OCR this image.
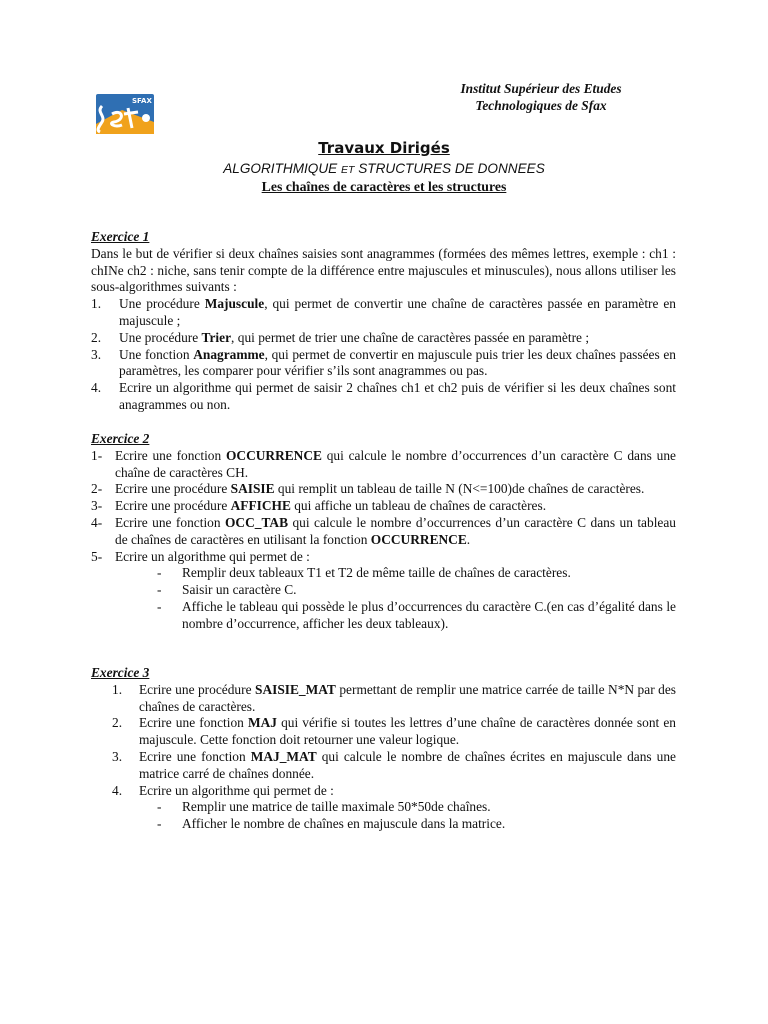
SFAX
Institut Supérieur des Etudes
Technologiques de Sfax
Travaux Dirigés
ALGORITHMIQUE ET STRUCTURES DE DONNEES
Les chaînes de caractères et les structures
Exercice 1

Dans le but de vérifier si deux chaînes saisies sont anagrammes (formées des mêmes lettres, exemple : ch1 : chINe ch2 : niche, sans tenir compte de la différence entre majuscules et minuscules), nous allons utiliser les sous-algorithmes suivants :

1. Une procédure Majuscule, qui permet de convertir une chaîne de caractères passée en paramètre en majuscule ;
2. Une procédure Trier, qui permet de trier une chaîne de caractères passée en paramètre ;
3. Une fonction Anagramme, qui permet de convertir en majuscule puis trier les deux chaînes passées en paramètres, les comparer pour vérifier s’ils sont anagrammes ou pas.
4. Ecrire un algorithme qui permet de saisir 2 chaînes ch1 et ch2 puis de vérifier si les deux chaînes sont anagrammes ou non.
Exercice 2
1- Ecrire une fonction OCCURRENCE qui calcule le nombre d’occurrences d’un caractère C dans une chaîne de caractères CH.
2- Ecrire une procédure SAISIE qui remplit un tableau de taille N (N<=100)de chaînes de caractères.
3- Ecrire une procédure AFFICHE qui affiche un tableau de chaînes de caractères.
4- Ecrire une fonction OCC_TAB qui calcule le nombre d’occurrences d’un caractère C dans un tableau de chaînes de caractères en utilisant la fonction OCCURRENCE.
5- Ecrire un algorithme qui permet de :
- Remplir deux tableaux T1 et T2 de même taille de chaînes de caractères.
- Saisir un caractère C.
- Affiche le tableau qui possède le plus d’occurrences du caractère C.(en cas d’égalité dans le nombre d’occurrence, afficher les deux tableaux).
Exercice 3
1. Ecrire une procédure SAISIE_MAT permettant de remplir une matrice carrée de taille N*N par des chaînes de caractères.
2. Ecrire une fonction MAJ qui vérifie si toutes les lettres d’une chaîne de caractères donnée sont en majuscule. Cette fonction doit retourner une valeur logique.
3. Ecrire une fonction MAJ_MAT qui calcule le nombre de chaînes écrites en majuscule dans une matrice carré de chaînes donnée.
4. Ecrire un algorithme qui permet de :
- Remplir une matrice de taille maximale 50*50de chaînes.
- Afficher le nombre de chaînes en majuscule dans la matrice.
